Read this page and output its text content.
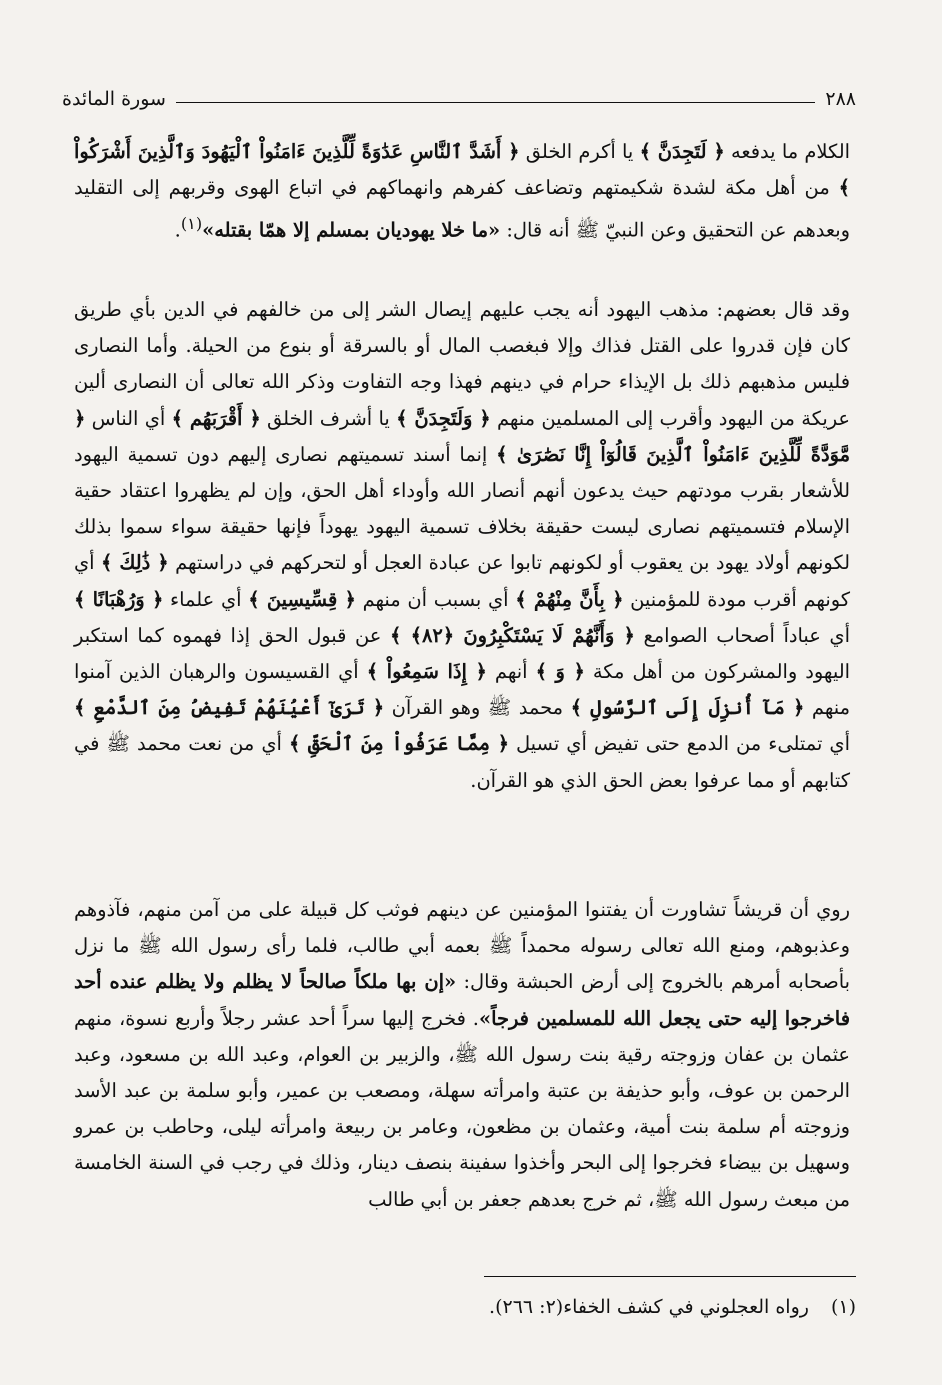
٢٨٨
سورة المائدة
الكلام ما يدفعه ﴿ لَتَجِدَنَّ ﴾ يا أكرم الخلق ﴿ أَشَدَّ ٱلنَّاسِ عَدَٰوَةً لِّلَّذِينَ ءَامَنُواْ ٱلْيَهُودَ وَٱلَّذِينَ أَشْرَكُواْ ﴾ من أهل مكة لشدة شكيمتهم وتضاعف كفرهم وانهماكهم في اتباع الهوى وقربهم إلى التقليد وبعدهم عن التحقيق وعن النبيّ ﷺ أنه قال: «ما خلا يهوديان بمسلم إلا همّا بقتله»$^{(١)}$.
وقد قال بعضهم: مذهب اليهود أنه يجب عليهم إيصال الشر إلى من خالفهم في الدين بأي طريق كان فإن قدروا على القتل فذاك وإلا فبغصب المال أو بالسرقة أو بنوع من الحيلة. وأما النصارى فليس مذهبهم ذلك بل الإيذاء حرام في دينهم فهذا وجه التفاوت وذكر الله تعالى أن النصارى ألين عريكة من اليهود وأقرب إلى المسلمين منهم ﴿ وَلَتَجِدَنَّ ﴾ يا أشرف الخلق ﴿ أَقْرَبَهُم ﴾ أي الناس ﴿ مَّوَدَّةً لِّلَّذِينَ ءَامَنُواْ ٱلَّذِينَ قَالُوٓاْ إِنَّا نَصَٰرَىٰ ﴾ إنما أسند تسميتهم نصارى إليهم دون تسمية اليهود للأشعار بقرب مودتهم حيث يدعون أنهم أنصار الله وأوداء أهل الحق، وإن لم يظهروا اعتقاد حقية الإسلام فتسميتهم نصارى ليست حقيقة بخلاف تسمية اليهود يهوداً فإنها حقيقة سواء سموا بذلك لكونهم أولاد يهود بن يعقوب أو لكونهم تابوا عن عبادة العجل أو لتحركهم في دراستهم ﴿ ذَٰلِكَ ﴾ أي كونهم أقرب مودة للمؤمنين ﴿ بِأَنَّ مِنْهُمْ ﴾ أي بسبب أن منهم ﴿ قِسِّيسِينَ ﴾ أي علماء ﴿ وَرُهْبَانًا ﴾ أي عباداً أصحاب الصوامع ﴿ وَأَنَّهُمْ لَا يَسْتَكْبِرُونَ ﴿٨٢﴾ ﴾ عن قبول الحق إذا فهموه كما استكبر اليهود والمشركون من أهل مكة ﴿ وَ ﴾ أنهم ﴿ إِذَا سَمِعُواْ ﴾ أي القسيسون والرهبان الذين آمنوا منهم ﴿ مَآ أُنزِلَ إِلَى ٱلرَّسُولِ ﴾ محمد ﷺ وهو القرآن ﴿ تَرَىٰٓ أَعْيُنَهُمْ تَفِيضُ مِنَ ٱلدَّمْعِ ﴾ أي تمتلىء من الدمع حتى تفيض أي تسيل ﴿ مِمَّا عَرَفُواْ مِنَ ٱلْحَقِّ ﴾ أي من نعت محمد ﷺ في كتابهم أو مما عرفوا بعض الحق الذي هو القرآن.
روي أن قريشاً تشاورت أن يفتنوا المؤمنين عن دينهم فوثب كل قبيلة على من آمن منهم، فآذوهم وعذبوهم، ومنع الله تعالى رسوله محمداً ﷺ بعمه أبي طالب، فلما رأى رسول الله ﷺ ما نزل بأصحابه أمرهم بالخروج إلى أرض الحبشة وقال: «إن بها ملكاً صالحاً لا يظلم ولا يظلم عنده أحد فاخرجوا إليه حتى يجعل الله للمسلمين فرجاً». فخرج إليها سراً أحد عشر رجلاً وأربع نسوة، منهم عثمان بن عفان وزوجته رقية بنت رسول الله ﷺ، والزبير بن العوام، وعبد الله بن مسعود، وعبد الرحمن بن عوف، وأبو حذيفة بن عتبة وامرأته سهلة، ومصعب بن عمير، وأبو سلمة بن عبد الأسد وزوجته أم سلمة بنت أمية، وعثمان بن مظعون، وعامر بن ربيعة وامرأته ليلى، وحاطب بن عمرو وسهيل بن بيضاء فخرجوا إلى البحر وأخذوا سفينة بنصف دينار، وذلك في رجب في السنة الخامسة من مبعث رسول الله ﷺ، ثم خرج بعدهم جعفر بن أبي طالب
(١)رواه العجلوني في كشف الخفاء(٢: ٢٦٦).
